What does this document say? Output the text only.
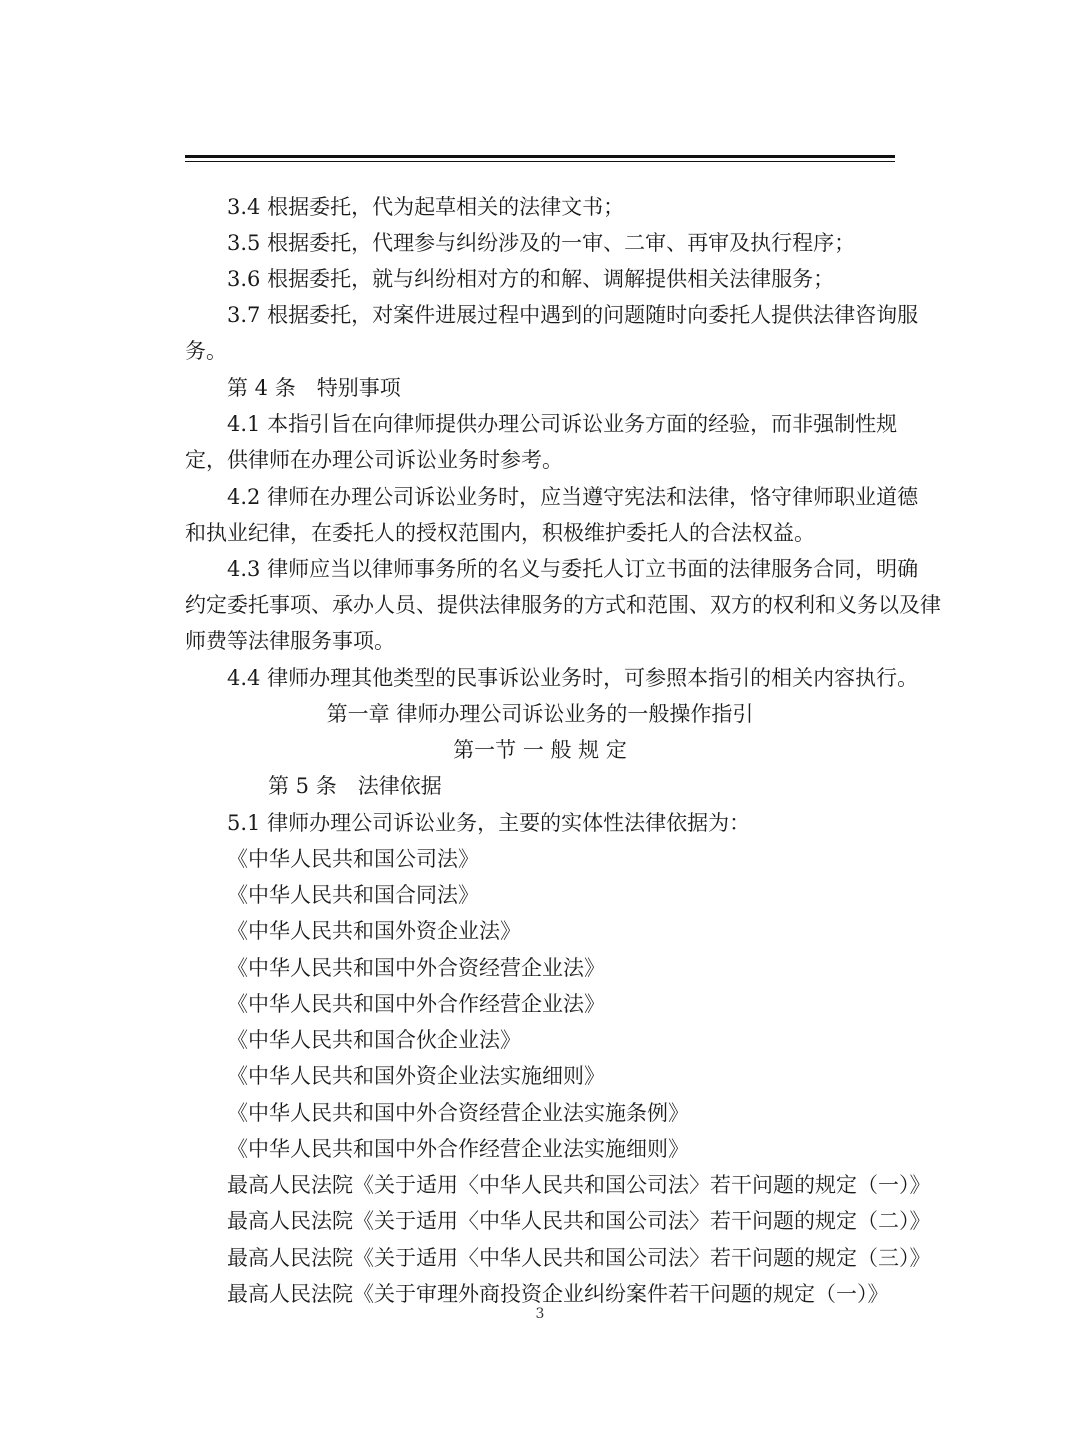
3.4 根据委托，代为起草相关的法律文书；
3.5 根据委托，代理参与纠纷涉及的一审、二审、再审及执行程序；
3.6 根据委托，就与纠纷相对方的和解、调解提供相关法律服务；
3.7 根据委托，对案件进展过程中遇到的问题随时向委托人提供法律咨询服
务。
第 4 条　特别事项
4.1 本指引旨在向律师提供办理公司诉讼业务方面的经验，而非强制性规
定，供律师在办理公司诉讼业务时参考。
4.2 律师在办理公司诉讼业务时，应当遵守宪法和法律，恪守律师职业道德
和执业纪律，在委托人的授权范围内，积极维护委托人的合法权益。
4.3 律师应当以律师事务所的名义与委托人订立书面的法律服务合同，明确
约定委托事项、承办人员、提供法律服务的方式和范围、双方的权利和义务以及律
师费等法律服务事项。
4.4 律师办理其他类型的民事诉讼业务时，可参照本指引的相关内容执行。
第一章 律师办理公司诉讼业务的一般操作指引
第一节 一 般 规 定
第 5 条　法律依据
5.1 律师办理公司诉讼业务，主要的实体性法律依据为：
《中华人民共和国公司法》
《中华人民共和国合同法》
《中华人民共和国外资企业法》
《中华人民共和国中外合资经营企业法》
《中华人民共和国中外合作经营企业法》
《中华人民共和国合伙企业法》
《中华人民共和国外资企业法实施细则》
《中华人民共和国中外合资经营企业法实施条例》
《中华人民共和国中外合作经营企业法实施细则》
最高人民法院《关于适用〈中华人民共和国公司法〉若干问题的规定（一）》
最高人民法院《关于适用〈中华人民共和国公司法〉若干问题的规定（二）》
最高人民法院《关于适用〈中华人民共和国公司法〉若干问题的规定（三）》
最高人民法院《关于审理外商投资企业纠纷案件若干问题的规定（一）》
3
